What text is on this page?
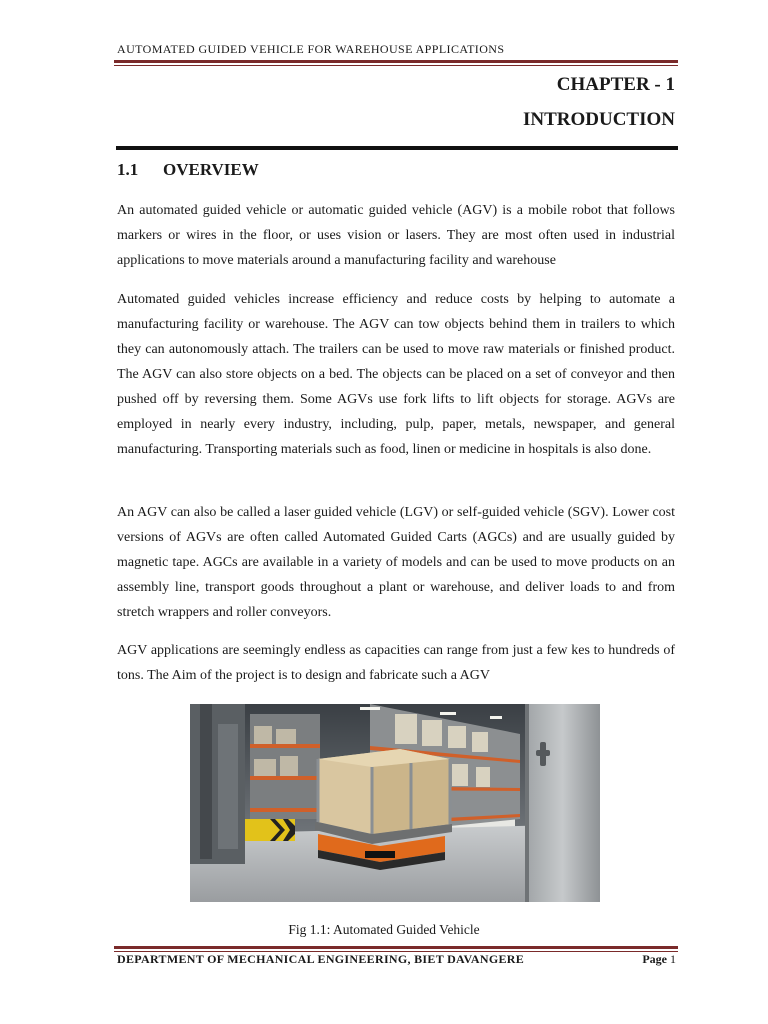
AUTOMATED GUIDED VEHICLE FOR WAREHOUSE APPLICATIONS
CHAPTER - 1
INTRODUCTION
1.1 OVERVIEW

An automated guided vehicle or automatic guided vehicle (AGV) is a mobile robot that follows markers or wires in the floor, or uses vision or lasers. They are most often used in industrial applications to move materials around a manufacturing facility and warehouse

Automated guided vehicles increase efficiency and reduce costs by helping to automate a manufacturing facility or warehouse. The AGV can tow objects behind them in trailers to which they can autonomously attach. The trailers can be used to move raw materials or finished product. The AGV can also store objects on a bed. The objects can be placed on a set of conveyor and then pushed off by reversing them. Some AGVs use fork lifts to lift objects for storage. AGVs are employed in nearly every industry, including, pulp, paper, metals, newspaper, and general manufacturing. Transporting materials such as food, linen or medicine in hospitals is also done.

An AGV can also be called a laser guided vehicle (LGV) or self-guided vehicle (SGV). Lower cost versions of AGVs are often called Automated Guided Carts (AGCs) and are usually guided by magnetic tape. AGCs are available in a variety of models and can be used to move products on an assembly line, transport goods throughout a plant or warehouse, and deliver loads to and from stretch wrappers and roller conveyors.

AGV applications are seemingly endless as capacities can range from just a few kes to hundreds of tons. The Aim of the project is to design and fabricate such a AGV

Fig 1.1: Automated Guided Vehicle
DEPARTMENT OF MECHANICAL ENGINEERING, BIET DAVANGERE	Page 1
